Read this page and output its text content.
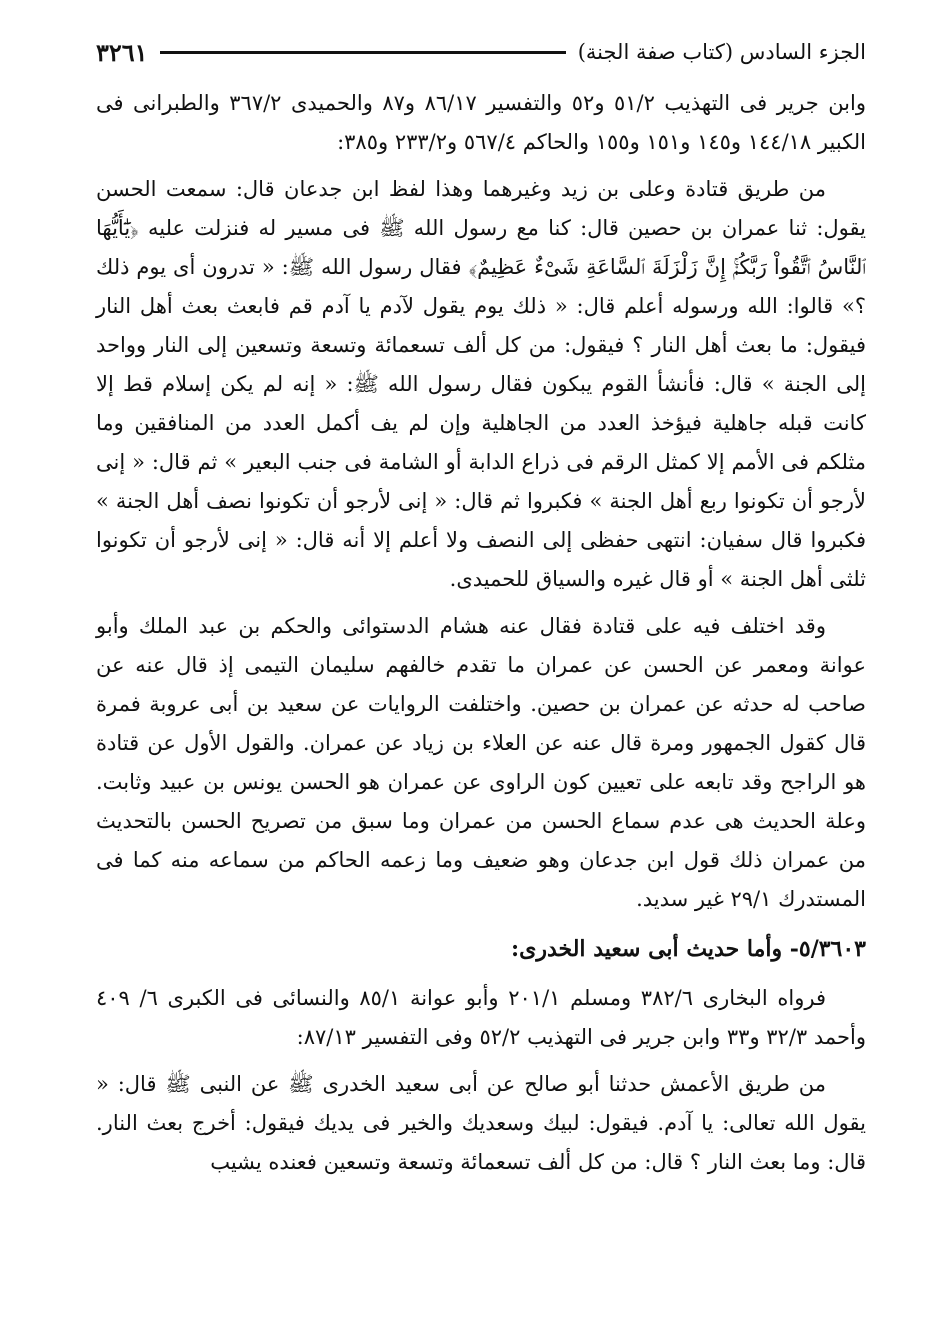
الجزء السادس (كتاب صفة الجنة)
٣٢٦١

وابن جرير فى التهذيب ٥١/٢ و٥٢ والتفسير ٨٦/١٧ و٨٧ والحميدى ٣٦٧/٢ والطبرانى فى الكبير ١٤٤/١٨ و١٤٥ و١٥١ و١٥٥ والحاكم ٥٦٧/٤ و٢٣٣/٢ و٣٨٥:

من طريق قتادة وعلى بن زيد وغيرهما وهذا لفظ ابن جدعان قال: سمعت الحسن يقول: ثنا عمران بن حصين قال: كنا مع رسول الله ﷺ فى مسير له فنزلت عليه ﴿يَٰٓأَيُّهَا ٱلنَّاسُ ٱتَّقُواْ رَبَّكُمْۚ إِنَّ زَلْزَلَةَ ٱلسَّاعَةِ شَىْءٌ عَظِيمٌ﴾ فقال رسول الله ﷺ: « تدرون أى يوم ذلك ؟» قالوا: الله ورسوله أعلم قال: « ذلك يوم يقول لآدم يا آدم قم فابعث بعث أهل النار فيقول: ما بعث أهل النار ؟ فيقول: من كل ألف تسعمائة وتسعة وتسعين إلى النار وواحد إلى الجنة » قال: فأنشأ القوم يبكون فقال رسول الله ﷺ: « إنه لم يكن إسلام قط إلا كانت قبله جاهلية فيؤخذ العدد من الجاهلية وإن لم يف أكمل العدد من المنافقين وما مثلكم فى الأمم إلا كمثل الرقم فى ذراع الدابة أو الشامة فى جنب البعير » ثم قال: « إنى لأرجو أن تكونوا ربع أهل الجنة » فكبروا ثم قال: « إنى لأرجو أن تكونوا نصف أهل الجنة » فكبروا قال سفيان: انتهى حفظى إلى النصف ولا أعلم إلا أنه قال: « إنى لأرجو أن تكونوا ثلثى أهل الجنة » أو قال غيره والسياق للحميدى.

وقد اختلف فيه على قتادة فقال عنه هشام الدستوائى والحكم بن عبد الملك وأبو عوانة ومعمر عن الحسن عن عمران ما تقدم خالفهم سليمان التيمى إذ قال عنه عن صاحب له حدثه عن عمران بن حصين. واختلفت الروايات عن سعيد بن أبى عروبة فمرة قال كقول الجمهور ومرة قال عنه عن العلاء بن زياد عن عمران. والقول الأول عن قتادة هو الراجح وقد تابعه على تعيين كون الراوى عن عمران هو الحسن يونس بن عبيد وثابت. وعلة الحديث هى عدم سماع الحسن من عمران وما سبق من تصريح الحسن بالتحديث من عمران ذلك قول ابن جدعان وهو ضعيف وما زعمه الحاكم من سماعه منه كما فى المستدرك ٢٩/١ غير سديد.

٥/٣٦٠٣- وأما حديث أبى سعيد الخدرى:

فرواه البخارى ٣٨٢/٦ ومسلم ٢٠١/١ وأبو عوانة ٨٥/١ والنسائى فى الكبرى ٦/ ٤٠٩ وأحمد ٣٢/٣ و٣٣ وابن جرير فى التهذيب ٥٢/٢ وفى التفسير ٨٧/١٣:

من طريق الأعمش حدثنا أبو صالح عن أبى سعيد الخدرى ﷺ عن النبى ﷺ قال: « يقول الله تعالى: يا آدم. فيقول: لبيك وسعديك والخير فى يديك فيقول: أخرج بعث النار. قال: وما بعث النار ؟ قال: من كل ألف تسعمائة وتسعة وتسعين فعنده يشيب
